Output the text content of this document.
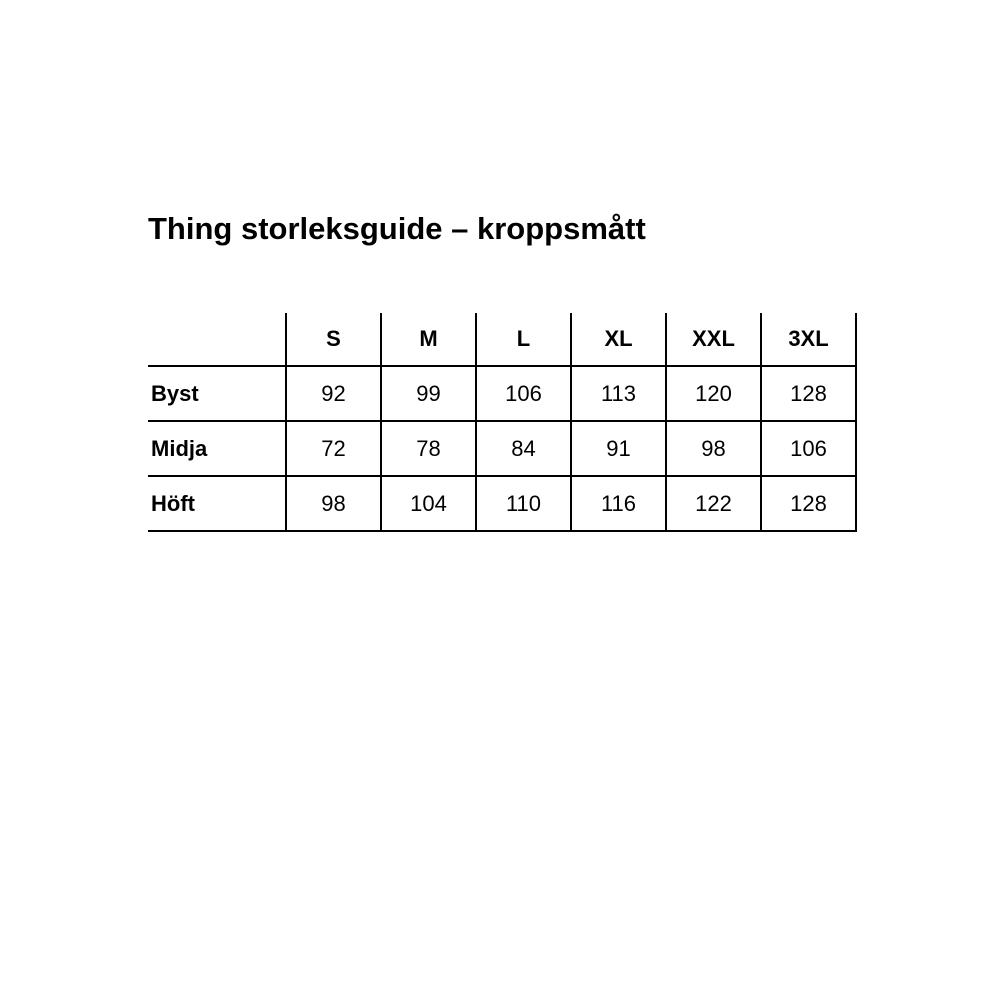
Thing storleksguide – kroppsmått
	S	M	L	XL	XXL	3XL
Byst	92	99	106	113	120	128
Midja	72	78	84	91	98	106
Höft	98	104	110	116	122	128
